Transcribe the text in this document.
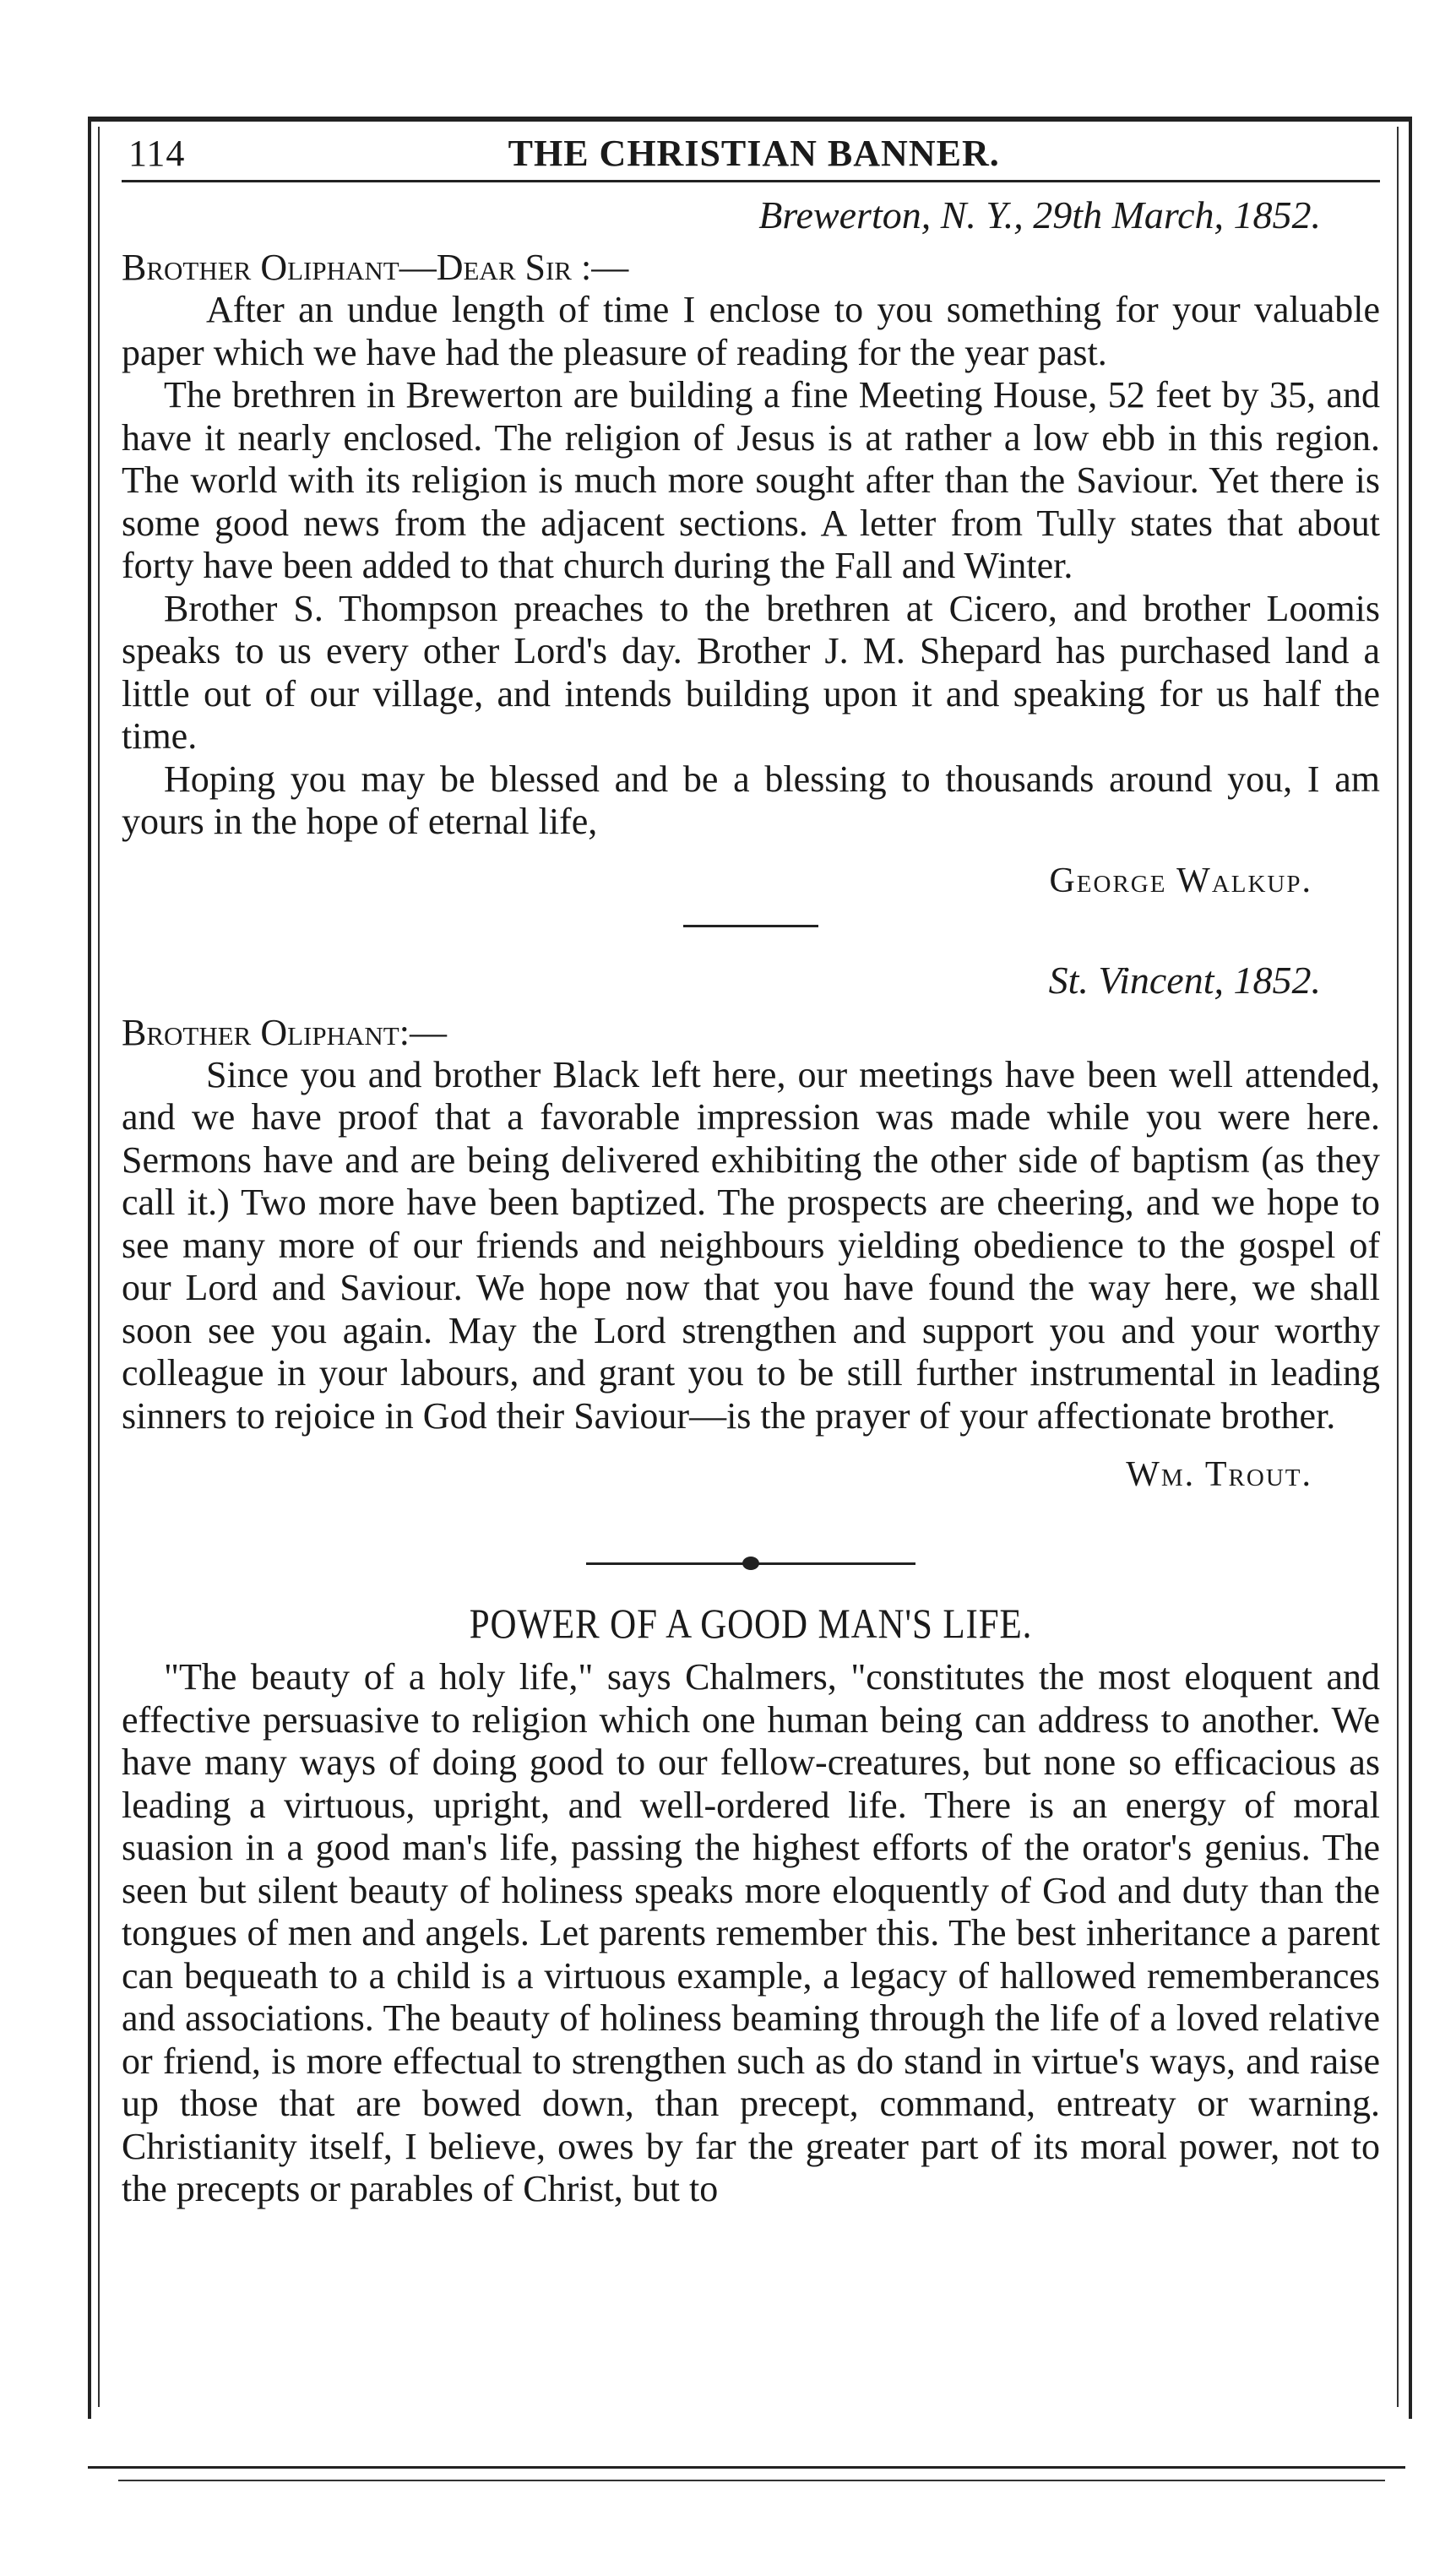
114	THE CHRISTIAN BANNER.
Brewerton, N. Y., 29th March, 1852.
Brother Oliphant—Dear Sir :—

After an undue length of time I enclose to you something for your valuable paper which we have had the pleasure of reading for the year past.

The brethren in Brewerton are building a fine Meeting House, 52 feet by 35, and have it nearly enclosed. The religion of Jesus is at rather a low ebb in this region. The world with its religion is much more sought after than the Saviour. Yet there is some good news from the adjacent sections. A letter from Tully states that about forty have been added to that church during the Fall and Winter.

Brother S. Thompson preaches to the brethren at Cicero, and brother Loomis speaks to us every other Lord's day. Brother J. M. Shepard has purchased land a little out of our village, and intends building upon it and speaking for us half the time.

Hoping you may be blessed and be a blessing to thousands around you, I am yours in the hope of eternal life,

George Walkup.
St. Vincent, 1852.
Brother Oliphant:—

Since you and brother Black left here, our meetings have been well attended, and we have proof that a favorable impression was made while you were here. Sermons have and are being delivered exhibiting the other side of baptism (as they call it.) Two more have been baptized. The prospects are cheering, and we hope to see many more of our friends and neighbours yielding obedience to the gospel of our Lord and Saviour. We hope now that you have found the way here, we shall soon see you again. May the Lord strengthen and support you and your worthy colleague in your labours, and grant you to be still further instrumental in leading sinners to rejoice in God their Saviour—is the prayer of your affectionate brother.

Wm. Trout.
POWER OF A GOOD MAN'S LIFE.

"The beauty of a holy life," says Chalmers, "constitutes the most eloquent and effective persuasive to religion which one human being can address to another. We have many ways of doing good to our fellow-creatures, but none so efficacious as leading a virtuous, upright, and well-ordered life. There is an energy of moral suasion in a good man's life, passing the highest efforts of the orator's genius. The seen but silent beauty of holiness speaks more eloquently of God and duty than the tongues of men and angels. Let parents remember this. The best inheritance a parent can bequeath to a child is a virtuous example, a legacy of hallowed rememberances and associations. The beauty of holiness beaming through the life of a loved relative or friend, is more effectual to strengthen such as do stand in virtue's ways, and raise up those that are bowed down, than precept, command, entreaty or warning. Christianity itself, I believe, owes by far the greater part of its moral power, not to the precepts or parables of Christ, but to
